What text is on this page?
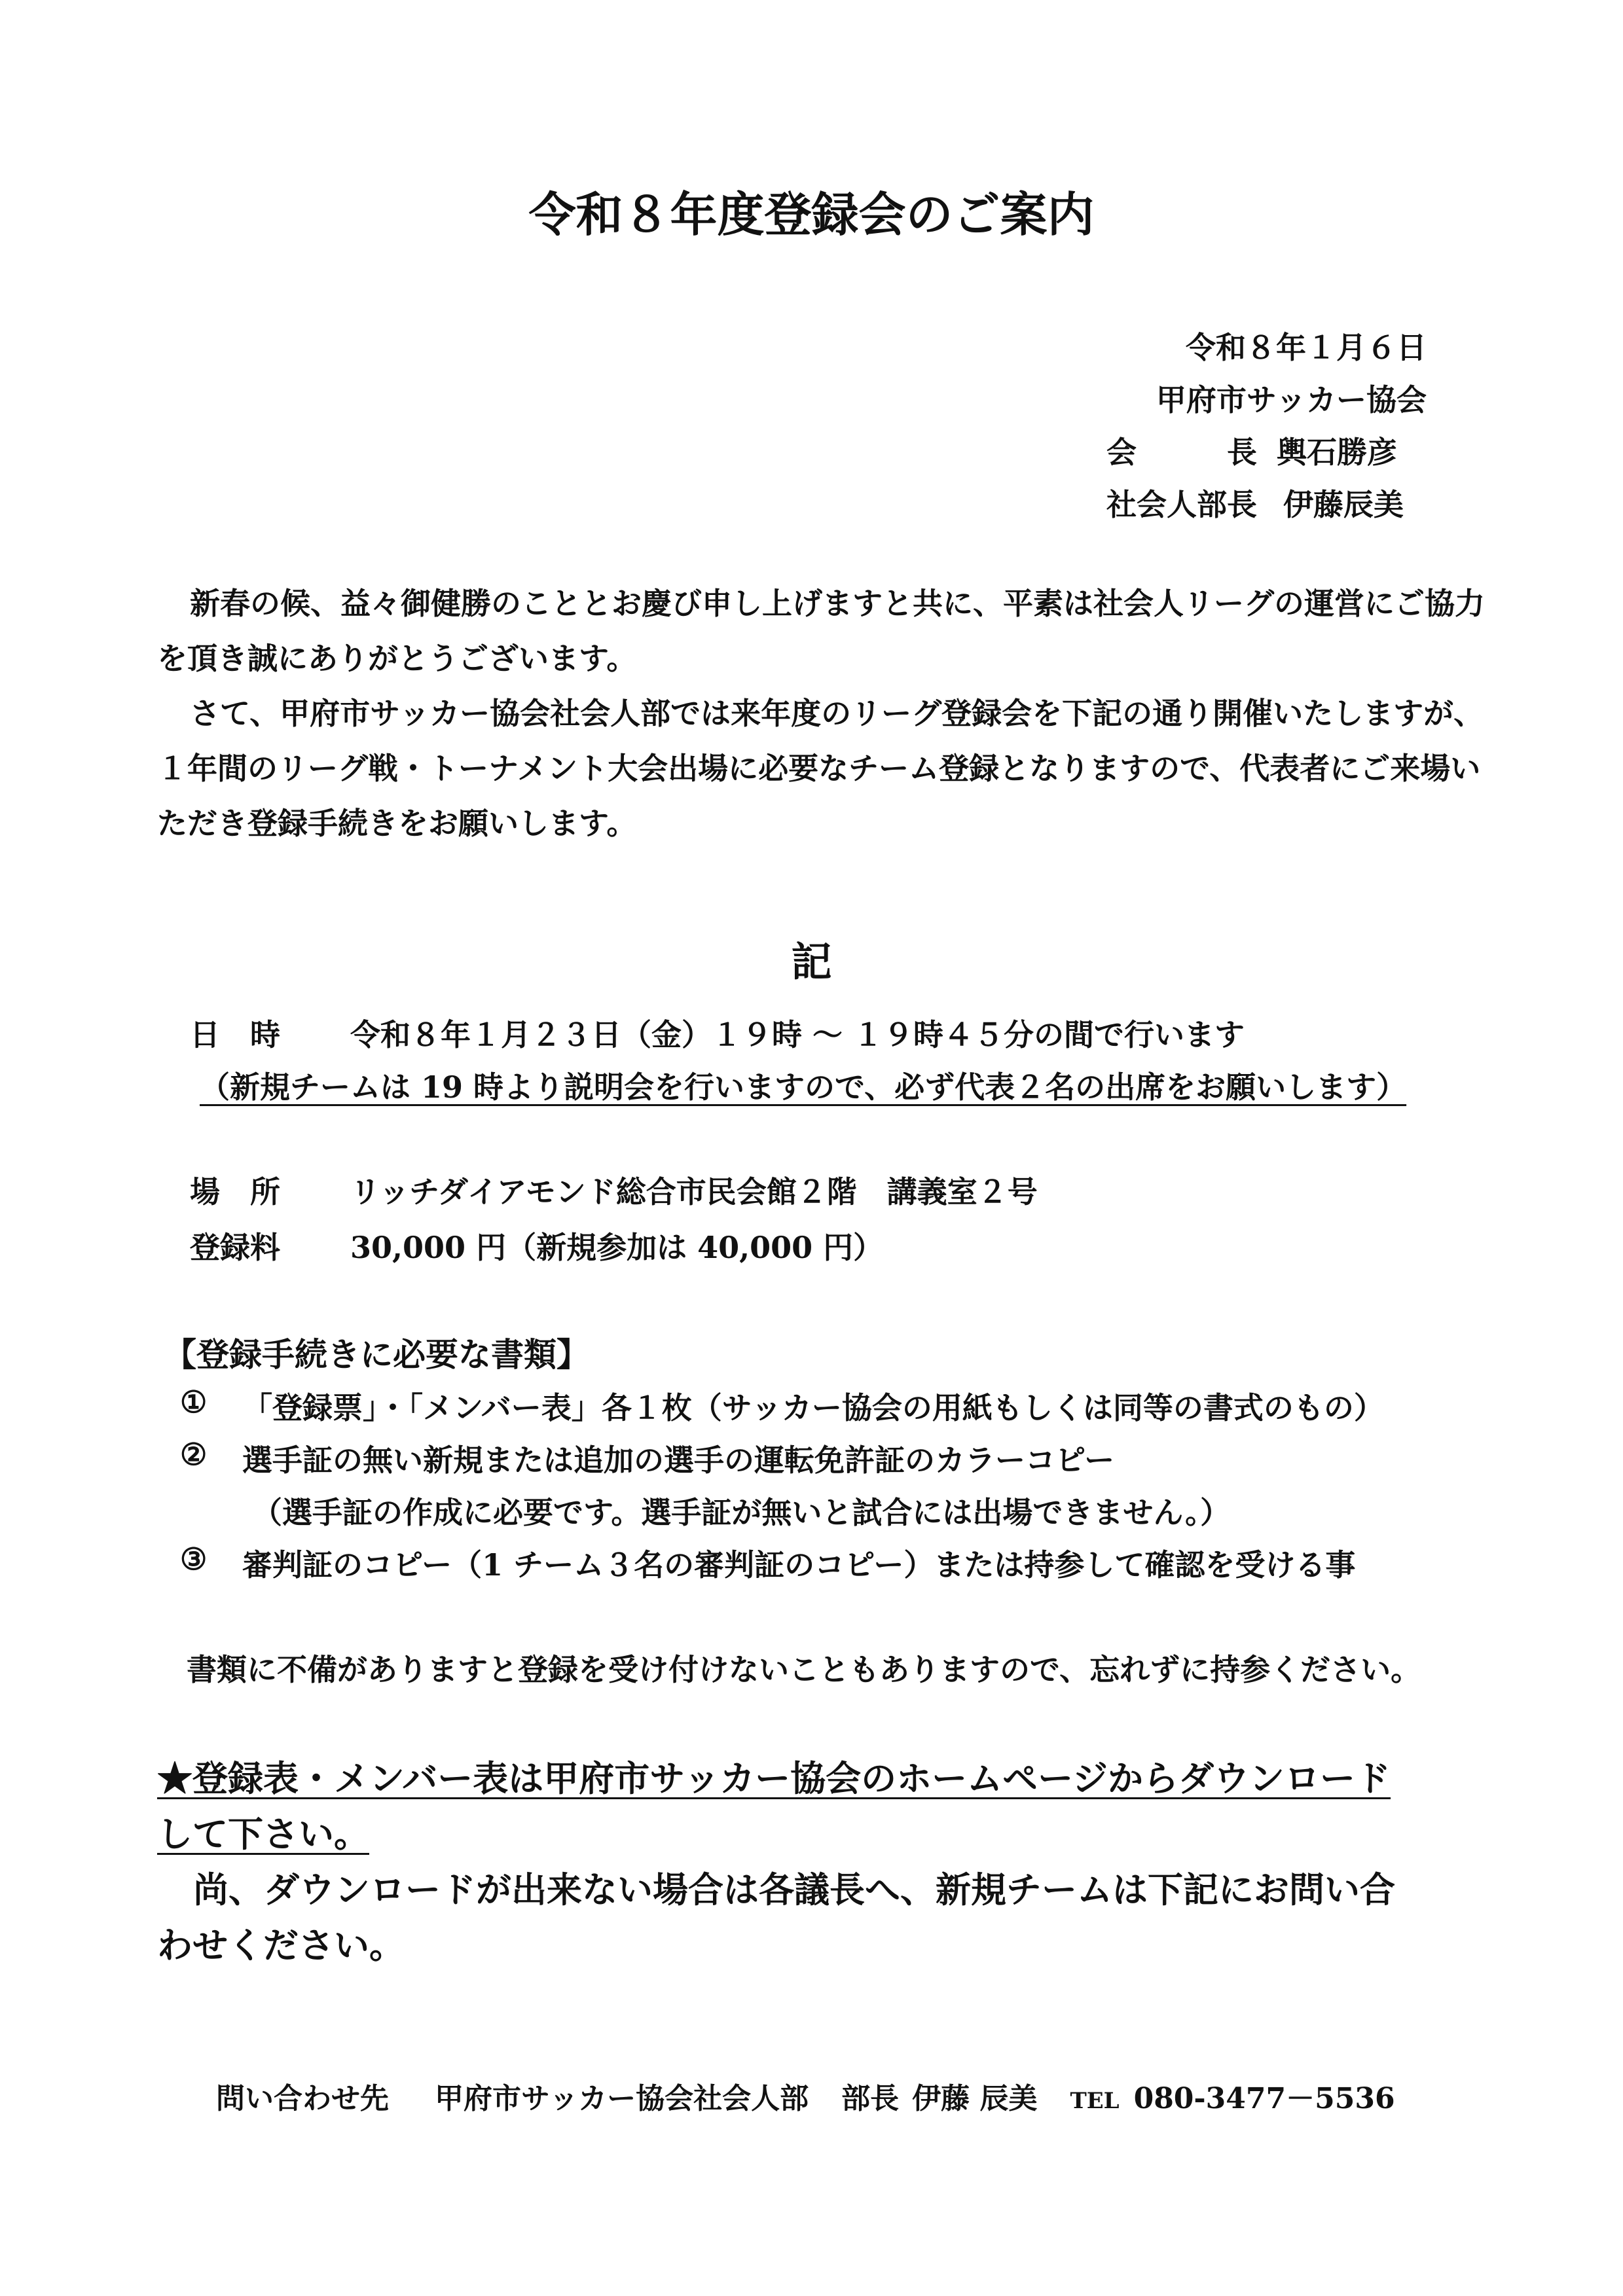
令和８年度登録会のご案内
令和８年１月６日
甲府市サッカー協会
会　　　長 輿石勝彦
社会人部長 伊藤辰美

新春の候、益々御健勝のこととお慶び申し上げますと共に、平素は社会人リーグの運営にご協力を頂き誠にありがとうございます。

さて、甲府市サッカー協会社会人部では来年度のリーグ登録会を下記の通り開催いたしますが、１年間のリーグ戦・トーナメント大会出場に必要なチーム登録となりますので、代表者にご来場いただき登録手続きをお願いします。

記
日　時 令和８年１月２３日（金）１９時 ～ １９時４５分の間で行います
（新規チームは 19 時より説明会を行いますので、必ず代表２名の出席をお願いします）
場　所 リッチダイアモンド総合市民会館２階　講義室２号
登録料 30,000 円（新規参加は 40,000 円）
【登録手続きに必要な書類】
① 「登録票」・「メンバー表」各１枚（サッカー協会の用紙もしくは同等の書式のもの）
② 選手証の無い新規または追加の選手の運転免許証のカラーコピー
（選手証の作成に必要です。選手証が無いと試合には出場できません。）
③ 審判証のコピー（1 チーム３名の審判証のコピー）または持参して確認を受ける事
書類に不備がありますと登録を受け付けないこともありますので、忘れずに持参ください。
★登録表・メンバー表は甲府市サッカー協会のホームページからダウンロード
して下さい。
尚、ダウンロードが出来ない場合は各議長へ、新規チームは下記にお問い合
わせください。
問い合わせ先 甲府市サッカー協会社会人部 部長 伊藤 辰美 TEL 080-3477－5536
